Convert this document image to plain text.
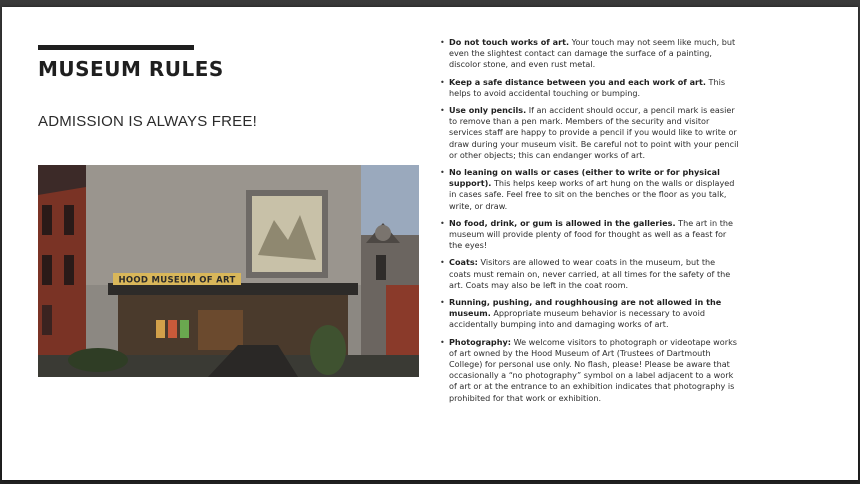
MUSEUM RULES

ADMISSION IS ALWAYS FREE!

HOOD MUSEUM OF ART
• Do not touch works of art. Your touch may not seem like much, but even the slightest contact can damage the surface of a painting, discolor stone, and even rust metal.
• Keep a safe distance between you and each work of art. This helps to avoid accidental touching or bumping.
• Use only pencils. If an accident should occur, a pencil mark is easier to remove than a pen mark. Members of the security and visitor services staff are happy to provide a pencil if you would like to write or draw during your museum visit. Be careful not to point with your pencil or other objects; this can endanger works of art.
• No leaning on walls or cases (either to write or for physical support). This helps keep works of art hung on the walls or displayed in cases safe. Feel free to sit on the benches or the floor as you talk, write, or draw.
• No food, drink, or gum is allowed in the galleries. The art in the museum will provide plenty of food for thought as well as a feast for the eyes!
• Coats: Visitors are allowed to wear coats in the museum, but the coats must remain on, never carried, at all times for the safety of the art. Coats may also be left in the coat room.
• Running, pushing, and roughhousing are not allowed in the museum. Appropriate museum behavior is necessary to avoid accidentally bumping into and damaging works of art.
• Photography: We welcome visitors to photograph or videotape works of art owned by the Hood Museum of Art (Trustees of Dartmouth College) for personal use only. No flash, please! Please be aware that occasionally a “no photography” symbol on a label adjacent to a work of art or at the entrance to an exhibition indicates that photography is prohibited for that work or exhibition.
